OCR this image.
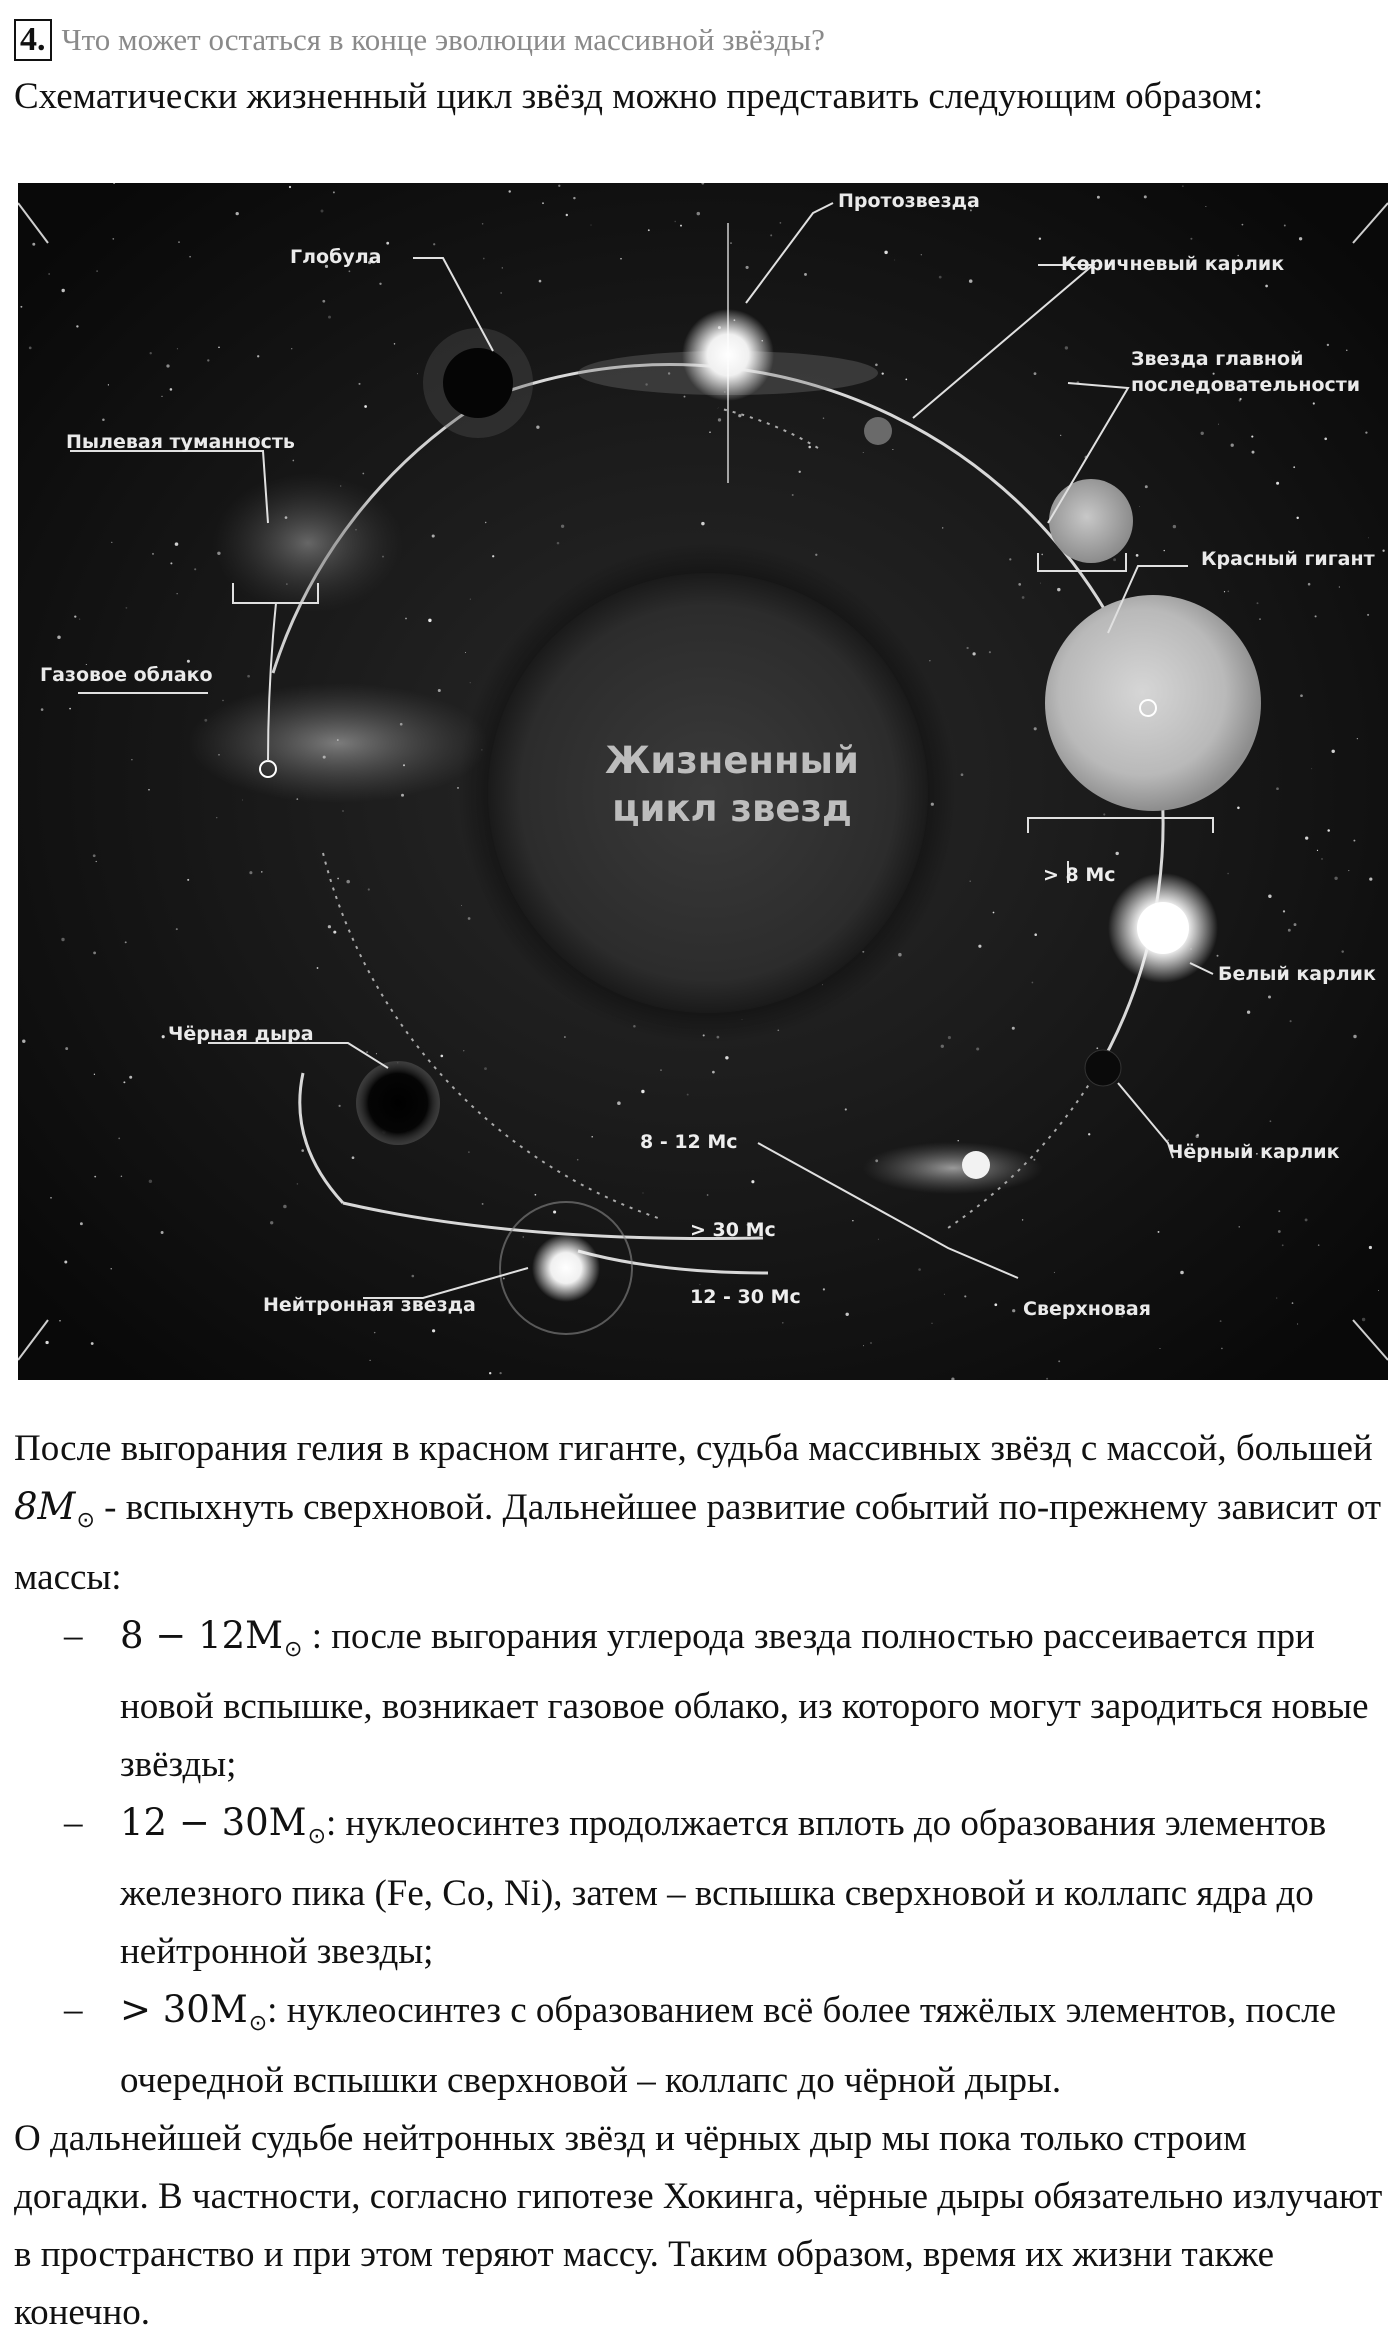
4. Что может остаться в конце эволюции массивной звёзды?

Схематически жизненный цикл звёзд можно представить следующим образом:

Жизненный
цикл звезд
Протозвезда
Глобула	Коричневый карлик
Звезда главной
последовательности
Пылевая туманность
Красный гигант
Газовое облако
Белый карлик
Чёрная дыра
Чёрный карлик
Нейтронная звезда	Сверхновая
> 8 Мс
8 - 12 Мс
> 30 Мс
12 - 30 Мс

После выгорания гелия в красном гиганте, судьба массивных звёзд с массой, большей $8M_⊙$ - вспыхнуть сверхновой. Дальнейшее развитие событий по-прежнему зависит от массы:

– $8 - 12M_⊙$ : после выгорания углерода звезда полностью рассеивается при новой вспышке, возникает газовое облако, из которого могут зародиться новые звёзды;
– $12 - 30M_⊙$: нуклеосинтез продолжается вплоть до образования элементов железного пика (Fe, Co, Ni), затем – вспышка сверхновой и коллапс ядра до нейтронной звезды;
– > $30M_⊙$: нуклеосинтез с образованием всё более тяжёлых элементов, после очередной вспышки сверхновой – коллапс до чёрной дыры.

О дальнейшей судьбе нейтронных звёзд и чёрных дыр мы пока только строим догадки. В частности, согласно гипотезе Хокинга, чёрные дыры обязательно излучают в пространство и при этом теряют массу. Таким образом, время их жизни также конечно.
